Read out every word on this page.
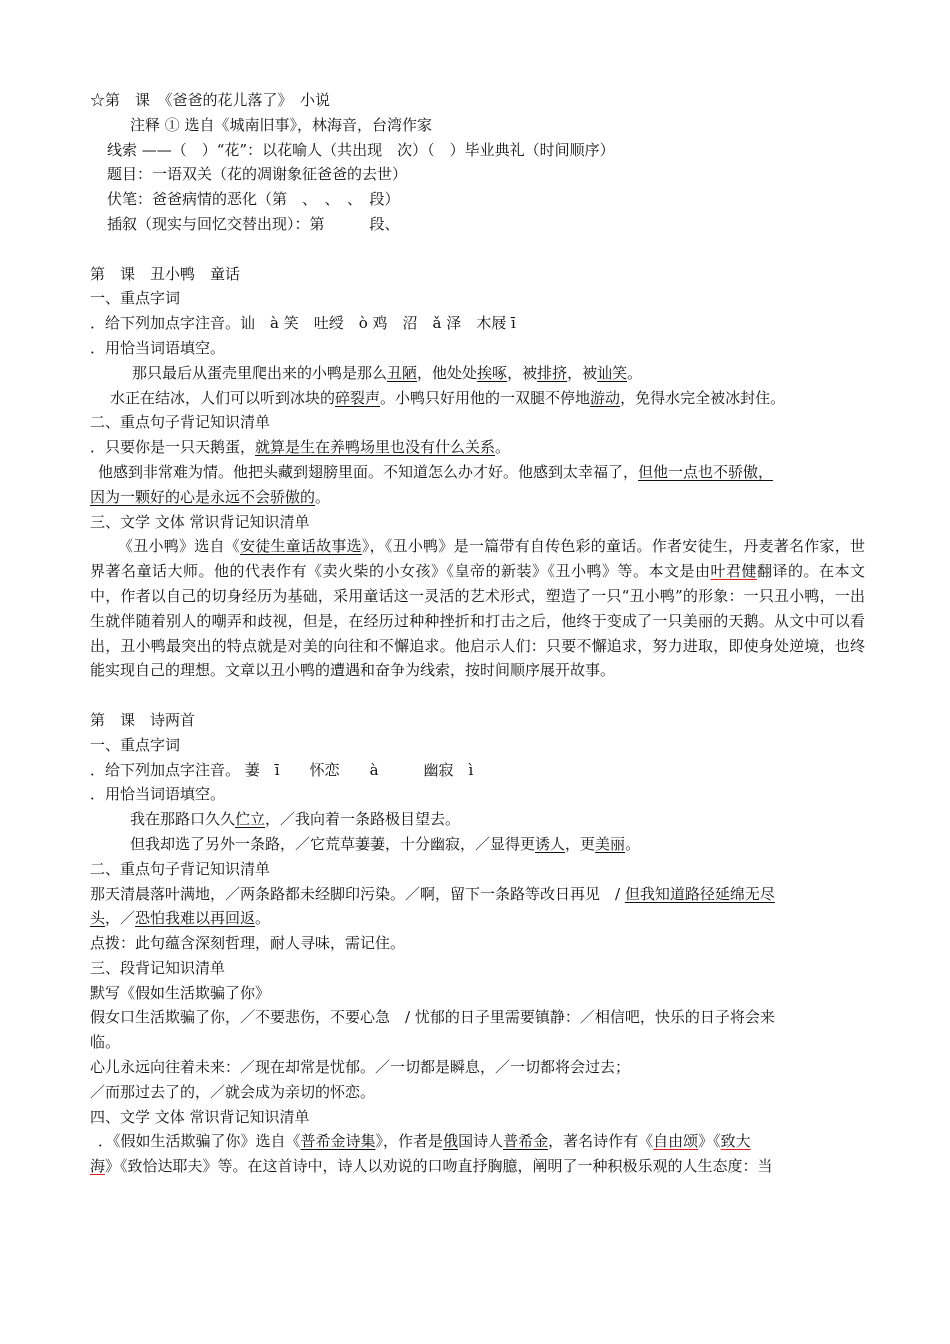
☆第　课　《爸爸的花儿落了》　小说
注释 ① 选自《城南旧事》，林海音，台湾作家
线索 ——（　）“花”：以花喻人（共出现　次）（　）毕业典礼（时间顺序）
题目：一语双关（花的凋谢象征爸爸的去世）
伏笔：爸爸病情的恶化（第　、　、　、　段）
插叙（现实与回忆交替出现）：第　　　段、
第　课　丑小鸭　童话
一、重点字词
．给下列加点字注音。讪　à 笑　吐绶　ò 鸡　沼　ǎ 泽　木屐 ī
．用恰当词语填空。
那只最后从蛋壳里爬出来的小鸭是那么丑陋，他处处挨啄，被排挤，被讪笑。
水正在结冰，人们可以听到冰块的碎裂声。小鸭只好用他的一双腿不停地游动，免得水完全被冰封住。
二、重点句子背记知识清单
．只要你是一只天鹅蛋，就算是生在养鸭场里也没有什么关系。
他感到非常难为情。他把头藏到翅膀里面。不知道怎么办才好。他感到太幸福了，但他一点也不骄傲，
因为一颗好的心是永远不会骄傲的。
三、文学 文体 常识背记知识清单
《丑小鸭》选自《安徒生童话故事选》，《丑小鸭》是一篇带有自传色彩的童话。作者安徒生，丹麦著名作家，世界著名童话大师。他的代表作有《卖火柴的小女孩》《皇帝的新装》《丑小鸭》等。本文是由叶君健翻译的。在本文中，作者以自己的切身经历为基础，采用童话这一灵活的艺术形式，塑造了一只“丑小鸭”的形象：一只丑小鸭，一出生就伴随着别人的嘲弄和歧视，但是，在经历过种种挫折和打击之后，他终于变成了一只美丽的天鹅。从文中可以看出，丑小鸭最突出的特点就是对美的向往和不懈追求。他启示人们：只要不懈追求，努力进取，即使身处逆境，也终能实现自己的理想。文章以丑小鸭的遭遇和奋争为线索，按时间顺序展开故事。
第　课　诗两首
一、重点字词
．给下列加点字注音。 萋　ī　　怀恋　　à　　　幽寂　ì
．用恰当词语填空。
我在那路口久久伫立，／我向着一条路极目望去。
但我却选了另外一条路，／它荒草萋萋，十分幽寂，／显得更诱人，更美丽。
二、重点句子背记知识清单
那天清晨落叶满地，／两条路都未经脚印污染。／啊，留下一条路等改日再见　/ 但我知道路径延绵无尽
头，／恐怕我难以再回返。
点拨：此句蕴含深刻哲理，耐人寻味，需记住。
三、段背记知识清单
默写《假如生活欺骗了你》
假女口生活欺骗了你，／不要悲伤，不要心急　/ 忧郁的日子里需要镇静：／相信吧，快乐的日子将会来
临。
心儿永远向往着未来：／现在却常是忧郁。／一切都是瞬息，／一切都将会过去；
／而那过去了的，／就会成为亲切的怀恋。
四、文学 文体 常识背记知识清单
．《假如生活欺骗了你》选自《普希金诗集》，作者是俄国诗人普希金，著名诗作有《自由颂》《致大
海》《致恰达耶夫》等。在这首诗中，诗人以劝说的口吻直抒胸臆，阐明了一种积极乐观的人生态度：当
